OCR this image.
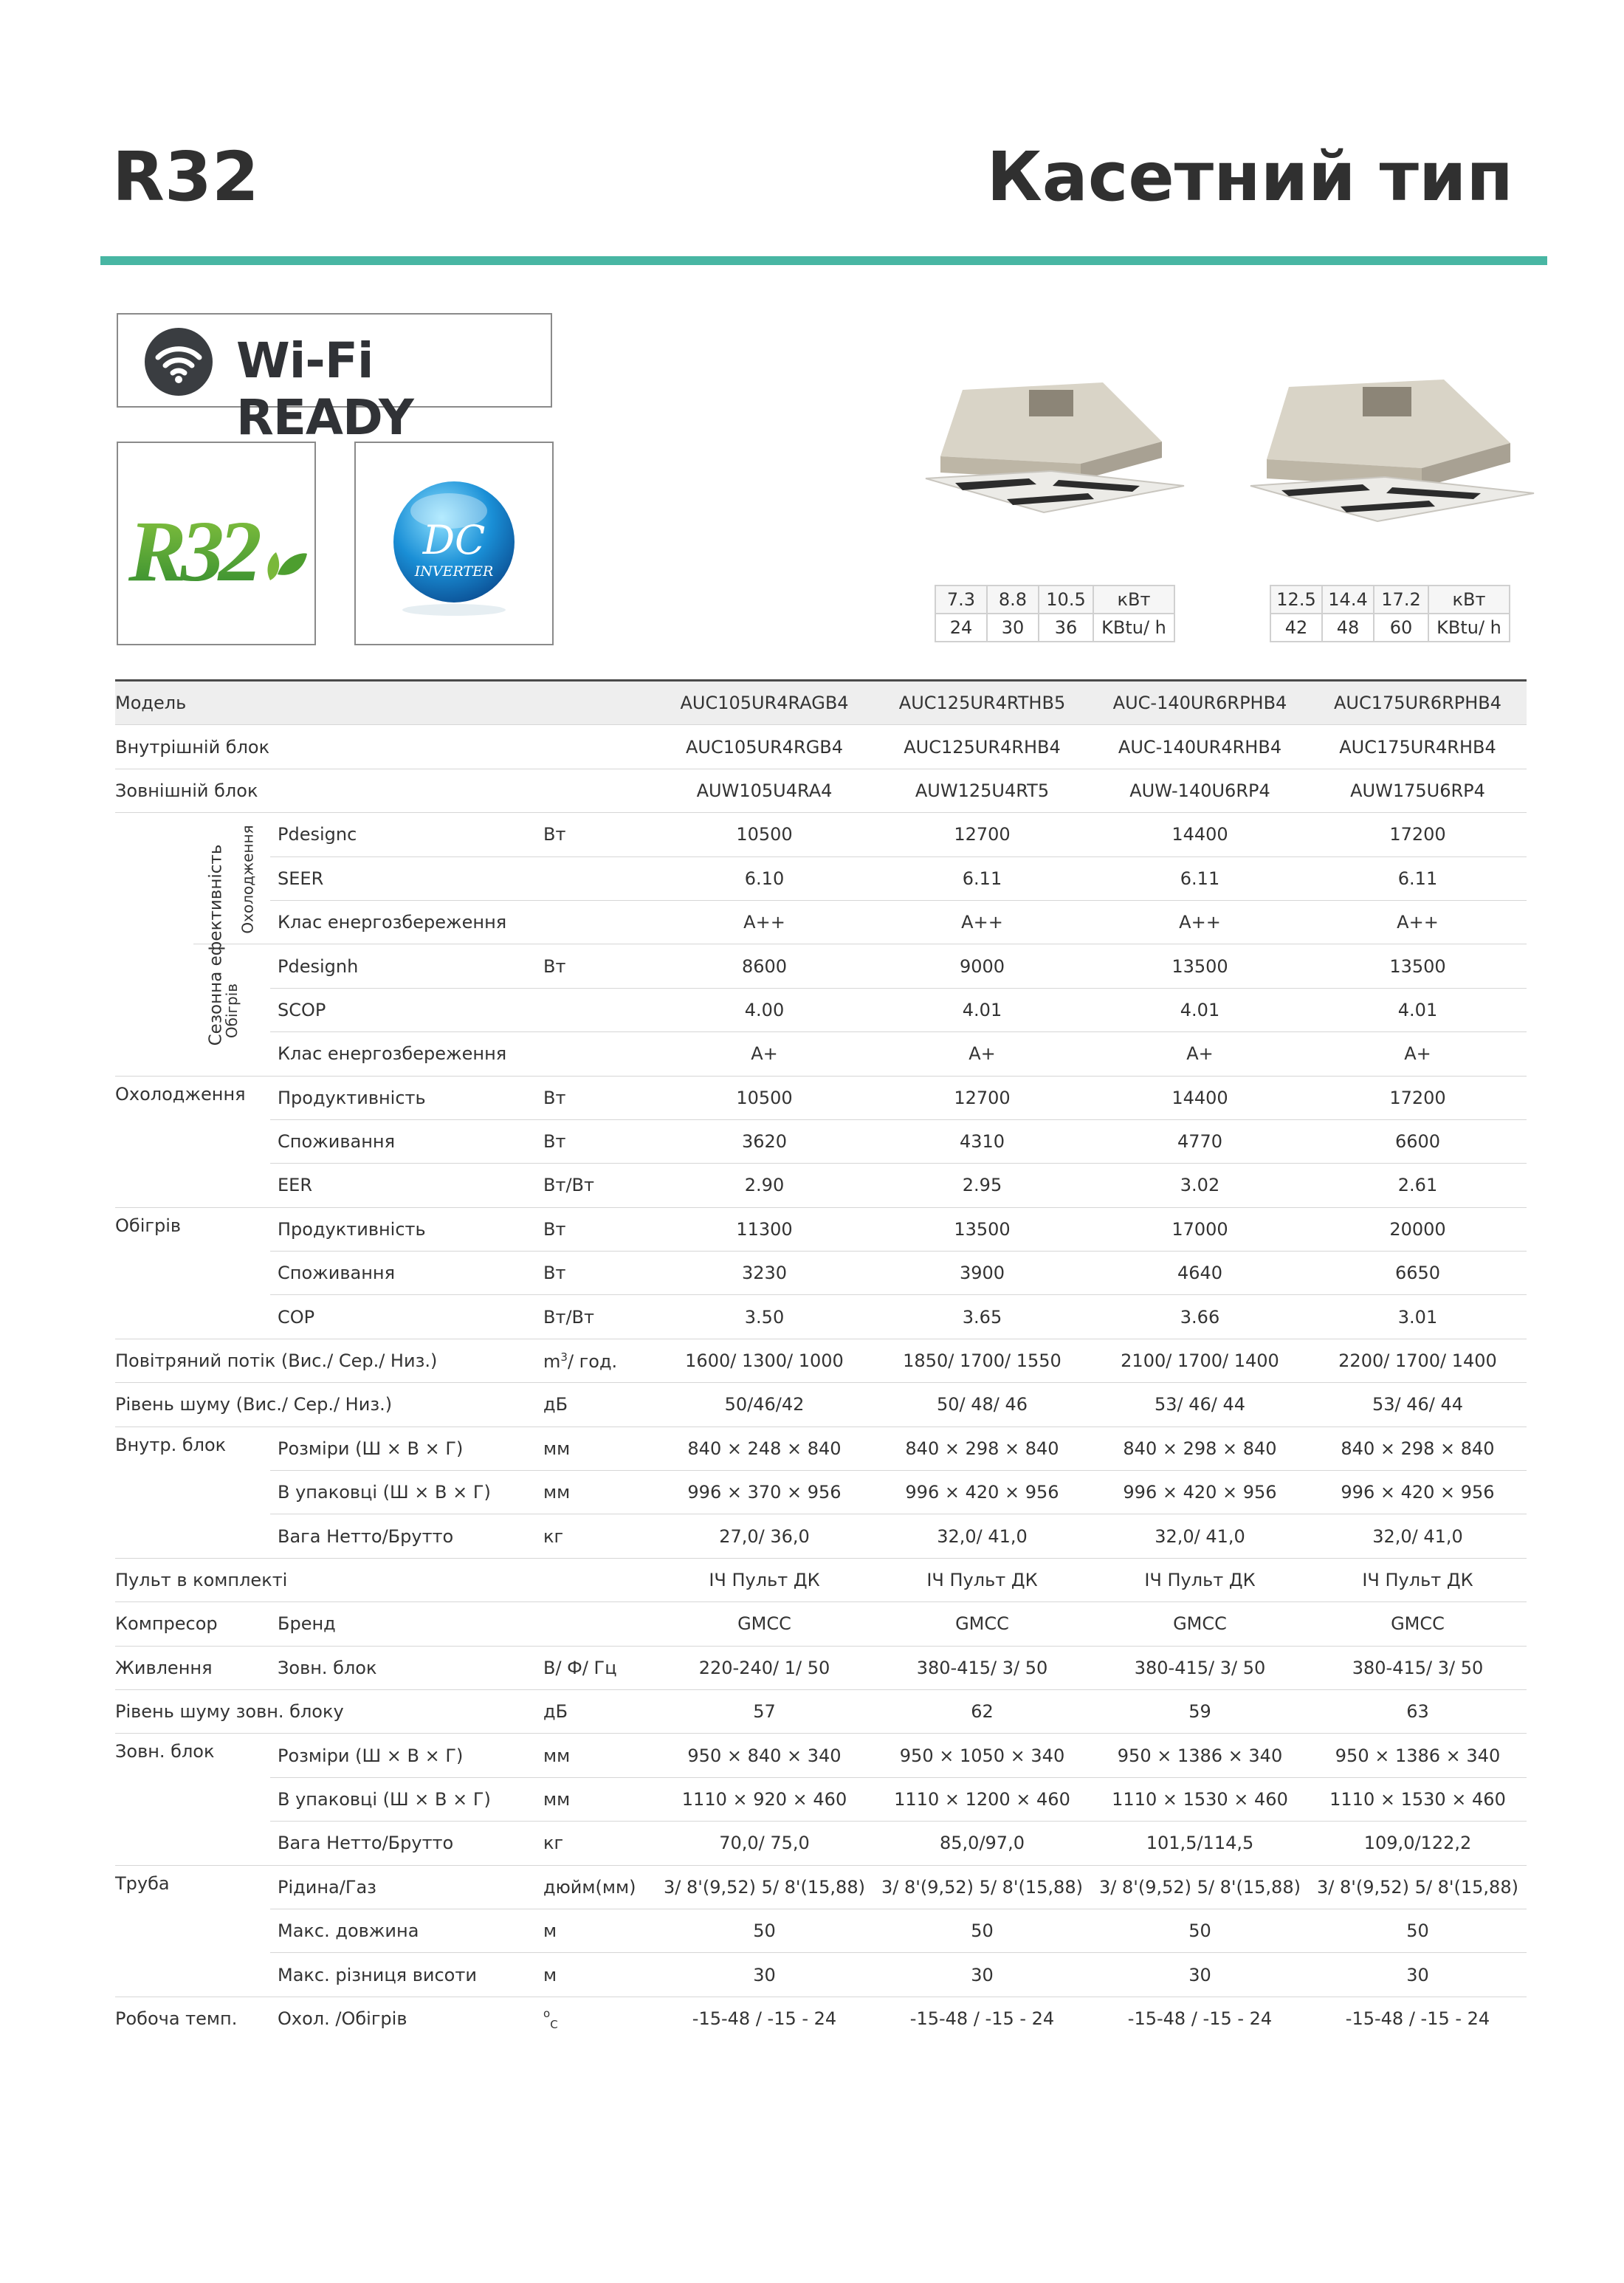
R32	Касетний тип
Wi-Fi READY
R32	DC
INVERTER
7.3	8.8	10.5	кВт
24	30	36	KBtu/ h
12.5	14.4	17.2	кВт
42	48	60	KBtu/ h
Модель				AUC105UR4RAGB4	AUC125UR4RTHB5	AUC-140UR6RPHB4	AUC175UR6RPHB4
Внутрішній блок				AUC105UR4RGB4	AUC125UR4RHB4	AUC-140UR4RHB4	AUC175UR4RHB4
Зовнішній блок				AUW105U4RA4	AUW125U4RT5	AUW-140U6RP4	AUW175U6RP4
Сезонна ефективність	Охолодження	Pdesignc	Вт	10500	12700	14400	17200
		SEER		6.10	6.11	6.11	6.11
		Клас енергозбереження		A++	A++	A++	A++
	Обігрів	Pdesignh	Вт	8600	9000	13500	13500
		SCOP		4.00	4.01	4.01	4.01
		Клас енергозбереження		A+	A+	A+	A+
Охолодження		Продуктивність	Вт	10500	12700	14400	17200
		Споживання	Вт	3620	4310	4770	6600
		EER	Вт/Вт	2.90	2.95	3.02	2.61
Обігрів		Продуктивність	Вт	11300	13500	17000	20000
		Споживання	Вт	3230	3900	4640	6650
		COP	Вт/Вт	3.50	3.65	3.66	3.01
Повітряний потік (Вис./ Сер./ Низ.)			$m^3/$ год.	1600/ 1300/ 1000	1850/ 1700/ 1550	2100/ 1700/ 1400	2200/ 1700/ 1400
Рівень шуму (Вис./ Сер./ Низ.)			дБ	50/46/42	50/ 48/ 46	53/ 46/ 44	53/ 46/ 44
Внутр. блок		Розміри (Ш × В × Г)	мм	840 × 248 × 840	840 × 298 × 840	840 × 298 × 840	840 × 298 × 840
		В упаковці (Ш × В × Г)	мм	996 × 370 × 956	996 × 420 × 956	996 × 420 × 956	996 × 420 × 956
		Вага Нетто/Брутто	кг	27,0/ 36,0	32,0/ 41,0	32,0/ 41,0	32,0/ 41,0
Пульт в комплекті				ІЧ Пульт ДК	ІЧ Пульт ДК	ІЧ Пульт ДК	ІЧ Пульт ДК
Компресор		Бренд		GMCC	GMCC	GMCC	GMCC
Живлення		Зовн. блок	В/ Ф/ Гц	220-240/ 1/ 50	380-415/ 3/ 50	380-415/ 3/ 50	380-415/ 3/ 50
Рівень шуму зовн. блоку			дБ	57	62	59	63
Зовн. блок		Розміри (Ш × В × Г)	мм	950 × 840 × 340	950 × 1050 × 340	950 × 1386 × 340	950 × 1386 × 340
		В упаковці (Ш × В × Г)	мм	1110 × 920 × 460	1110 × 1200 × 460	1110 × 1530 × 460	1110 × 1530 × 460
		Вага Нетто/Брутто	кг	70,0/ 75,0	85,0/97,0	101,5/114,5	109,0/122,2
Труба		Рідина/Газ	дюйм(мм)	3/ 8'(9,52) 5/ 8'(15,88)	3/ 8'(9,52) 5/ 8'(15,88)	3/ 8'(9,52) 5/ 8'(15,88)	3/ 8'(9,52) 5/ 8'(15,88)
		Макс. довжина	м	50	50	50	50
		Макс. різниця висоти	м	30	30	30	30
Робоча темп.		Охол. /Обігрів	$^o_C$	-15-48 / -15 - 24	-15-48 / -15 - 24	-15-48 / -15 - 24	-15-48 / -15 - 24
